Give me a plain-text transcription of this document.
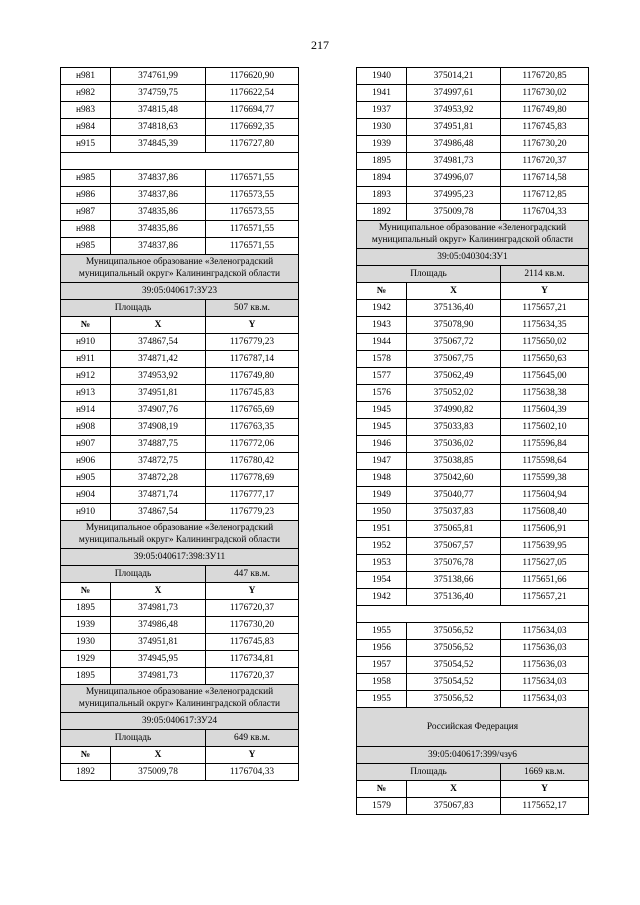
217
н981	374761,99	1176620,90
н982	374759,75	1176622,54
н983	374815,48	1176694,77
н984	374818,63	1176692,35
н915	374845,39	1176727,80

н985	374837,86	1176571,55
н986	374837,86	1176573,55
н987	374835,86	1176573,55
н988	374835,86	1176571,55
н985	374837,86	1176571,55
Муниципальное образование «Зеленоградский муниципальный округ» Калининградской области		
39:05:040617:ЗУ23		
Площадь		507 кв.м.
№	X	Y
н910	374867,54	1176779,23
н911	374871,42	1176787,14
н912	374953,92	1176749,80
н913	374951,81	1176745,83
н914	374907,76	1176765,69
н908	374908,19	1176763,35
н907	374887,75	1176772,06
н906	374872,75	1176780,42
н905	374872,28	1176778,69
н904	374871,74	1176777,17
н910	374867,54	1176779,23
Муниципальное образование «Зеленоградский муниципальный округ» Калининградской области		
39:05:040617:398:ЗУ11		
Площадь		447 кв.м.
№	X	Y
1895	374981,73	1176720,37
1939	374986,48	1176730,20
1930	374951,81	1176745,83
1929	374945,95	1176734,81
1895	374981,73	1176720,37
Муниципальное образование «Зеленоградский муниципальный округ» Калининградской области		
39:05:040617:ЗУ24		
Площадь		649 кв.м.
№	X	Y
1892	375009,78	1176704,33
1940	375014,21	1176720,85
1941	374997,61	1176730,02
1937	374953,92	1176749,80
1930	374951,81	1176745,83
1939	374986,48	1176730,20
1895	374981,73	1176720,37
1894	374996,07	1176714,58
1893	374995,23	1176712,85
1892	375009,78	1176704,33
Муниципальное образование «Зеленоградский муниципальный округ» Калининградской области		
39:05:040304:ЗУ1		
Площадь		2114 кв.м.
№	X	Y
1942	375136,40	1175657,21
1943	375078,90	1175634,35
1944	375067,72	1175650,02
1578	375067,75	1175650,63
1577	375062,49	1175645,00
1576	375052,02	1175638,38
1945	374990,82	1175604,39
1945	375033,83	1175602,10
1946	375036,02	1175596,84
1947	375038,85	1175598,64
1948	375042,60	1175599,38
1949	375040,77	1175604,94
1950	375037,83	1175608,40
1951	375065,81	1175606,91
1952	375067,57	1175639,95
1953	375076,78	1175627,05
1954	375138,66	1175651,66
1942	375136,40	1175657,21

1955	375056,52	1175634,03
1956	375056,52	1175636,03
1957	375054,52	1175636,03
1958	375054,52	1175634,03
1955	375056,52	1175634,03
Российская Федерация		
39:05:040617:399/чзу6		
Площадь		1669 кв.м.
№	X	Y
1579	375067,83	1175652,17
